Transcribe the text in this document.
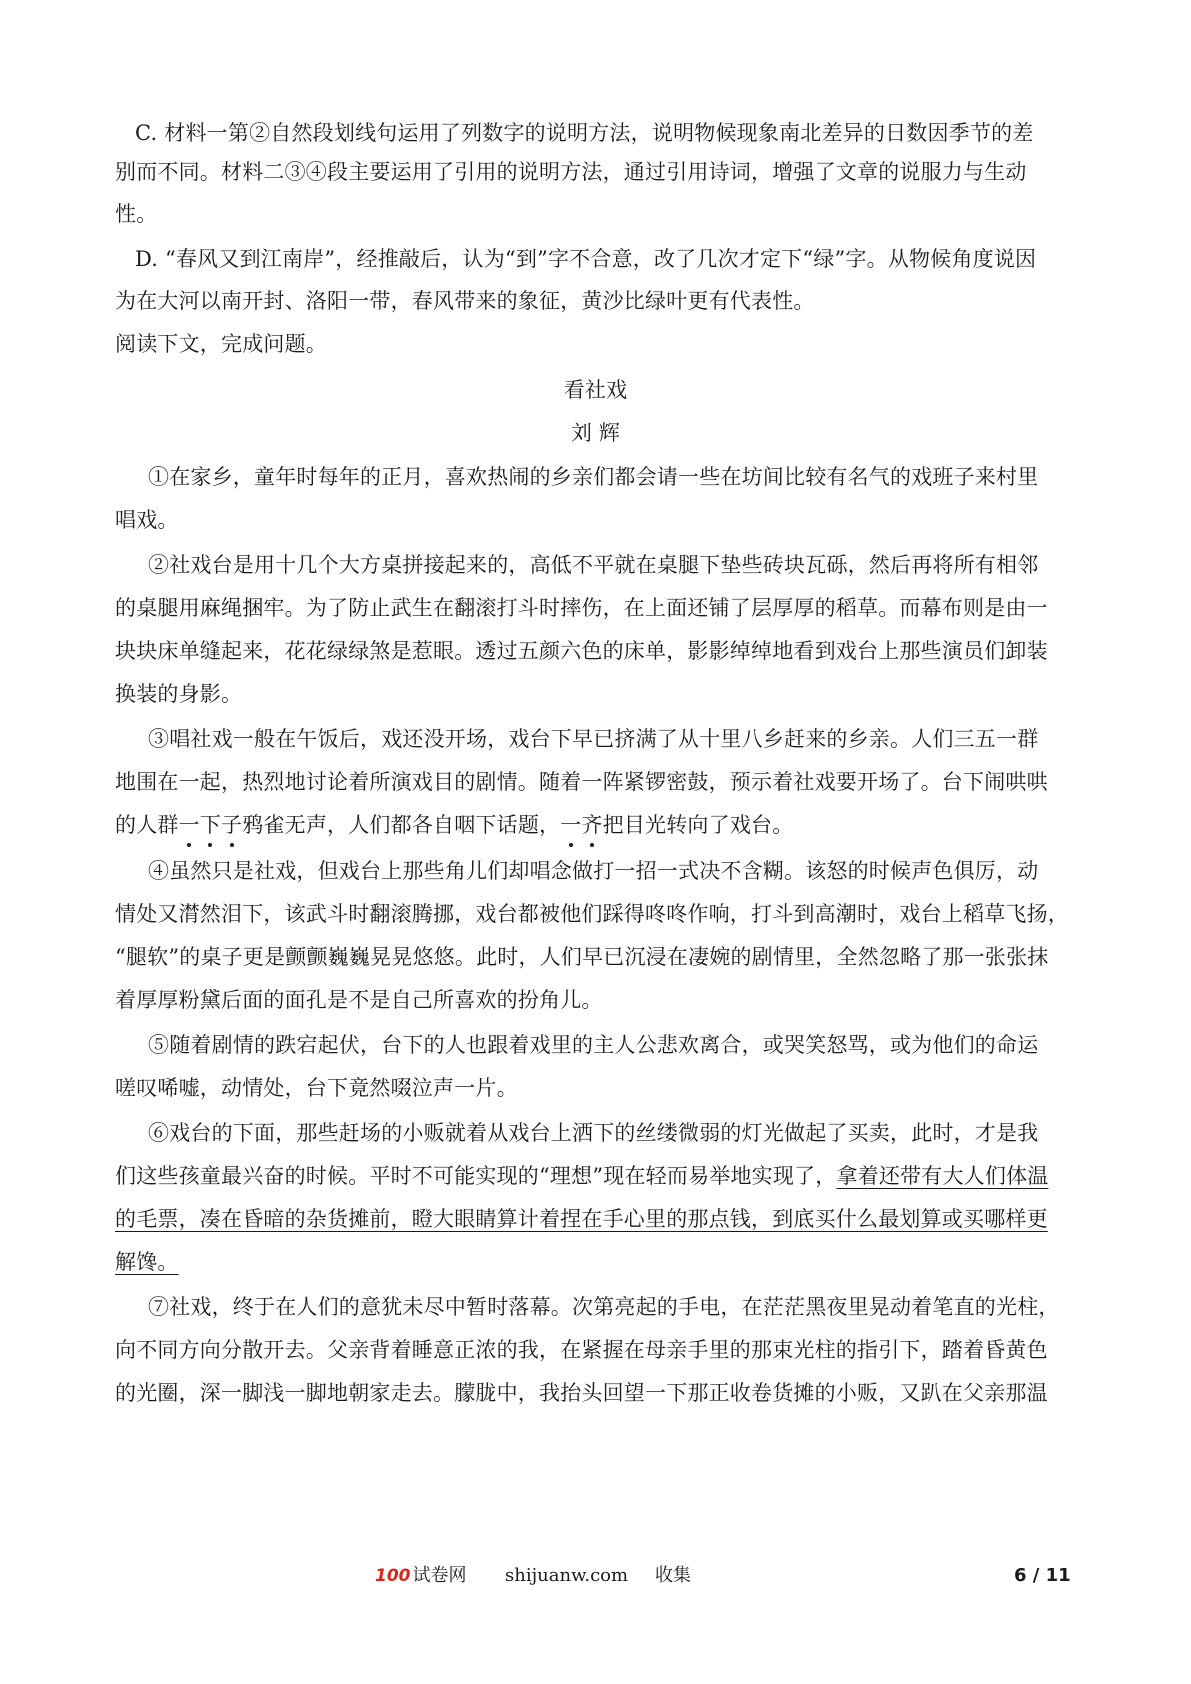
C. 材料一第②自然段划线句运用了列数字的说明方法，说明物候现象南北差异的日数因季节的差
别而不同。材料二③④段主要运用了引用的说明方法，通过引用诗词，增强了文章的说服力与生动
性。
D. “春风又到江南岸”，经推敲后，认为“到”字不合意，改了几次才定下“绿”字。从物候角度说因
为在大河以南开封、洛阳一带，春风带来的象征，黄沙比绿叶更有代表性。
阅读下文，完成问题。
看社戏
刘 辉
①在家乡，童年时每年的正月，喜欢热闹的乡亲们都会请一些在坊间比较有名气的戏班子来村里
唱戏。
②社戏台是用十几个大方桌拼接起来的，高低不平就在桌腿下垫些砖块瓦砾，然后再将所有相邻
的桌腿用麻绳捆牢。为了防止武生在翻滚打斗时摔伤，在上面还铺了层厚厚的稻草。而幕布则是由一
块块床单缝起来，花花绿绿煞是惹眼。透过五颜六色的床单，影影绰绰地看到戏台上那些演员们卸装
换装的身影。
③唱社戏一般在午饭后，戏还没开场，戏台下早已挤满了从十里八乡赶来的乡亲。人们三五一群
地围在一起，热烈地讨论着所演戏目的剧情。随着一阵紧锣密鼓，预示着社戏要开场了。台下闹哄哄
的人群一下子鸦雀无声，人们都各自咽下话题，一齐把目光转向了戏台。
④虽然只是社戏，但戏台上那些角儿们却唱念做打一招一式决不含糊。该怒的时候声色俱厉，动
情处又潸然泪下，该武斗时翻滚腾挪，戏台都被他们踩得咚咚作响，打斗到高潮时，戏台上稻草飞扬，
“腿软”的桌子更是颤颤巍巍晃晃悠悠。此时，人们早已沉浸在凄婉的剧情里，全然忽略了那一张张抹
着厚厚粉黛后面的面孔是不是自己所喜欢的扮角儿。
⑤随着剧情的跌宕起伏，台下的人也跟着戏里的主人公悲欢离合，或哭笑怒骂，或为他们的命运
嗟叹唏嘘，动情处，台下竟然啜泣声一片。
⑥戏台的下面，那些赶场的小贩就着从戏台上洒下的丝缕微弱的灯光做起了买卖，此时，才是我
们这些孩童最兴奋的时候。平时不可能实现的“理想”现在轻而易举地实现了，拿着还带有大人们体温
的毛票，凑在昏暗的杂货摊前，瞪大眼睛算计着捏在手心里的那点钱，到底买什么最划算或买哪样更
解馋。
⑦社戏，终于在人们的意犹未尽中暂时落幕。次第亮起的手电，在茫茫黑夜里晃动着笔直的光柱，
向不同方向分散开去。父亲背着睡意正浓的我，在紧握在母亲手里的那束光柱的指引下，踏着昏黄色
的光圈，深一脚浅一脚地朝家走去。朦胧中，我抬头回望一下那正收卷货摊的小贩，又趴在父亲那温
100 试卷网 shijuanw.com 收集	6 / 11
